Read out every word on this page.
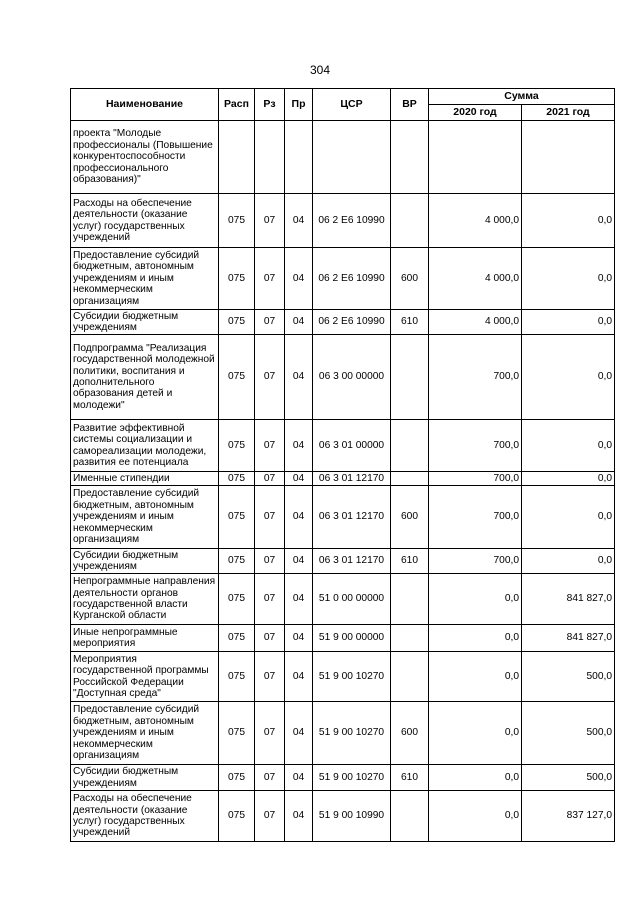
304
Наименование	Расп	Рз	Пр	ЦСР	ВР	Сумма	
						2020 год	2021 год
проекта "Молодые профессионалы (Повышение конкурентоспособности профессионального образования)"							
Расходы на обеспечение деятельности (оказание услуг) государственных учреждений	075	07	04	06 2 E6 10990		4 000,0	0,0
Предоставление субсидий бюджетным, автономным учреждениям и иным некоммерческим организациям	075	07	04	06 2 E6 10990	600	4 000,0	0,0
Субсидии бюджетным учреждениям	075	07	04	06 2 E6 10990	610	4 000,0	0,0
Подпрограмма "Реализация государственной молодежной политики, воспитания и дополнительного образования детей и молодежи"	075	07	04	06 3 00 00000		700,0	0,0
Развитие эффективной системы социализации и самореализации молодежи, развития ее потенциала	075	07	04	06 3 01 00000		700,0	0,0
Именные стипендии	075	07	04	06 3 01 12170		700,0	0,0
Предоставление субсидий бюджетным, автономным учреждениям и иным некоммерческим организациям	075	07	04	06 3 01 12170	600	700,0	0,0
Субсидии бюджетным учреждениям	075	07	04	06 3 01 12170	610	700,0	0,0
Непрограммные направления деятельности органов государственной власти Курганской области	075	07	04	51 0 00 00000		0,0	841 827,0
Иные непрограммные мероприятия	075	07	04	51 9 00 00000		0,0	841 827,0
Мероприятия государственной программы Российской Федерации "Доступная среда"	075	07	04	51 9 00 10270		0,0	500,0
Предоставление субсидий бюджетным, автономным учреждениям и иным некоммерческим организациям	075	07	04	51 9 00 10270	600	0,0	500,0
Субсидии бюджетным учреждениям	075	07	04	51 9 00 10270	610	0,0	500,0
Расходы на обеспечение деятельности (оказание услуг) государственных учреждений	075	07	04	51 9 00 10990		0,0	837 127,0
